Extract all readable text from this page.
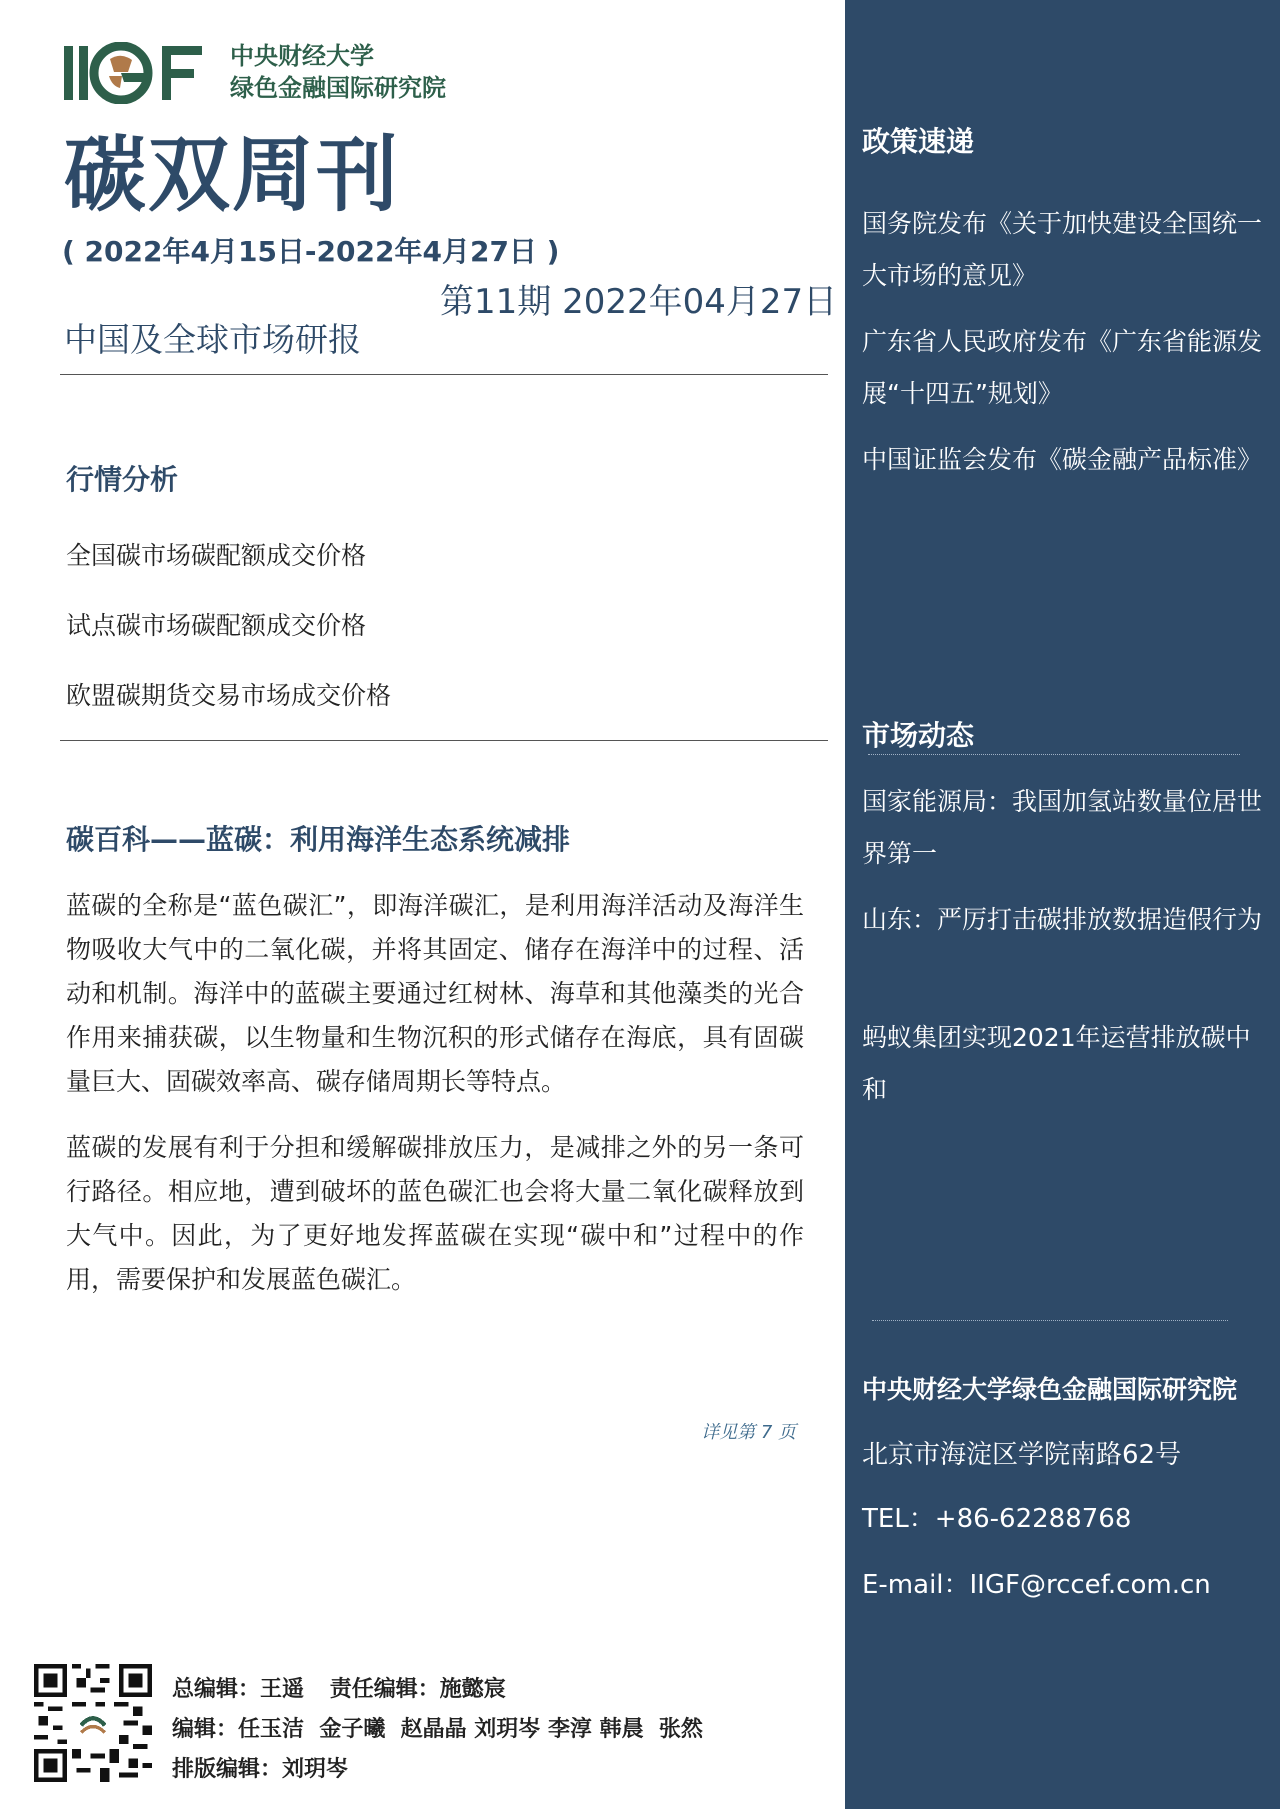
中央财经大学
绿色金融国际研究院
碳双周刊
( 2022年4月15日-2022年4月27日 )
第11期 2022年04月27日
中国及全球市场研报
行情分析
全国碳市场碳配额成交价格
试点碳市场碳配额成交价格
欧盟碳期货交易市场成交价格
碳百科——蓝碳：利用海洋生态系统减排
蓝碳的全称是“蓝色碳汇”，即海洋碳汇，是利用海洋活动及海洋生物吸收大气中的二氧化碳，并将其固定、储存在海洋中的过程、活动和机制。海洋中的蓝碳主要通过红树林、海草和其他藻类的光合作用来捕获碳，以生物量和生物沉积的形式储存在海底，具有固碳量巨大、固碳效率高、碳存储周期长等特点。
蓝碳的发展有利于分担和缓解碳排放压力，是减排之外的另一条可行路径。相应地，遭到破坏的蓝色碳汇也会将大量二氧化碳释放到大气中。因此，为了更好地发挥蓝碳在实现“碳中和”过程中的作用，需要保护和发展蓝色碳汇。
详见第 7 页
总编辑：王遥 责任编辑：施懿宸
编辑：任玉洁  金子曦  赵晶晶 刘玥岑 李淳 韩晨  张然
排版编辑：刘玥岑
政策速递
国务院发布《关于加快建设全国统一大市场的意见》
广东省人民政府发布《广东省能源发展“十四五”规划》
中国证监会发布《碳金融产品标准》
市场动态
国家能源局：我国加氢站数量位居世界第一
山东：严厉打击碳排放数据造假行为
蚂蚁集团实现2021年运营排放碳中和
中央财经大学绿色金融国际研究院
北京市海淀区学院南路62号
TEL：+86-62288768
E-mail：IIGF@rccef.com.cn
